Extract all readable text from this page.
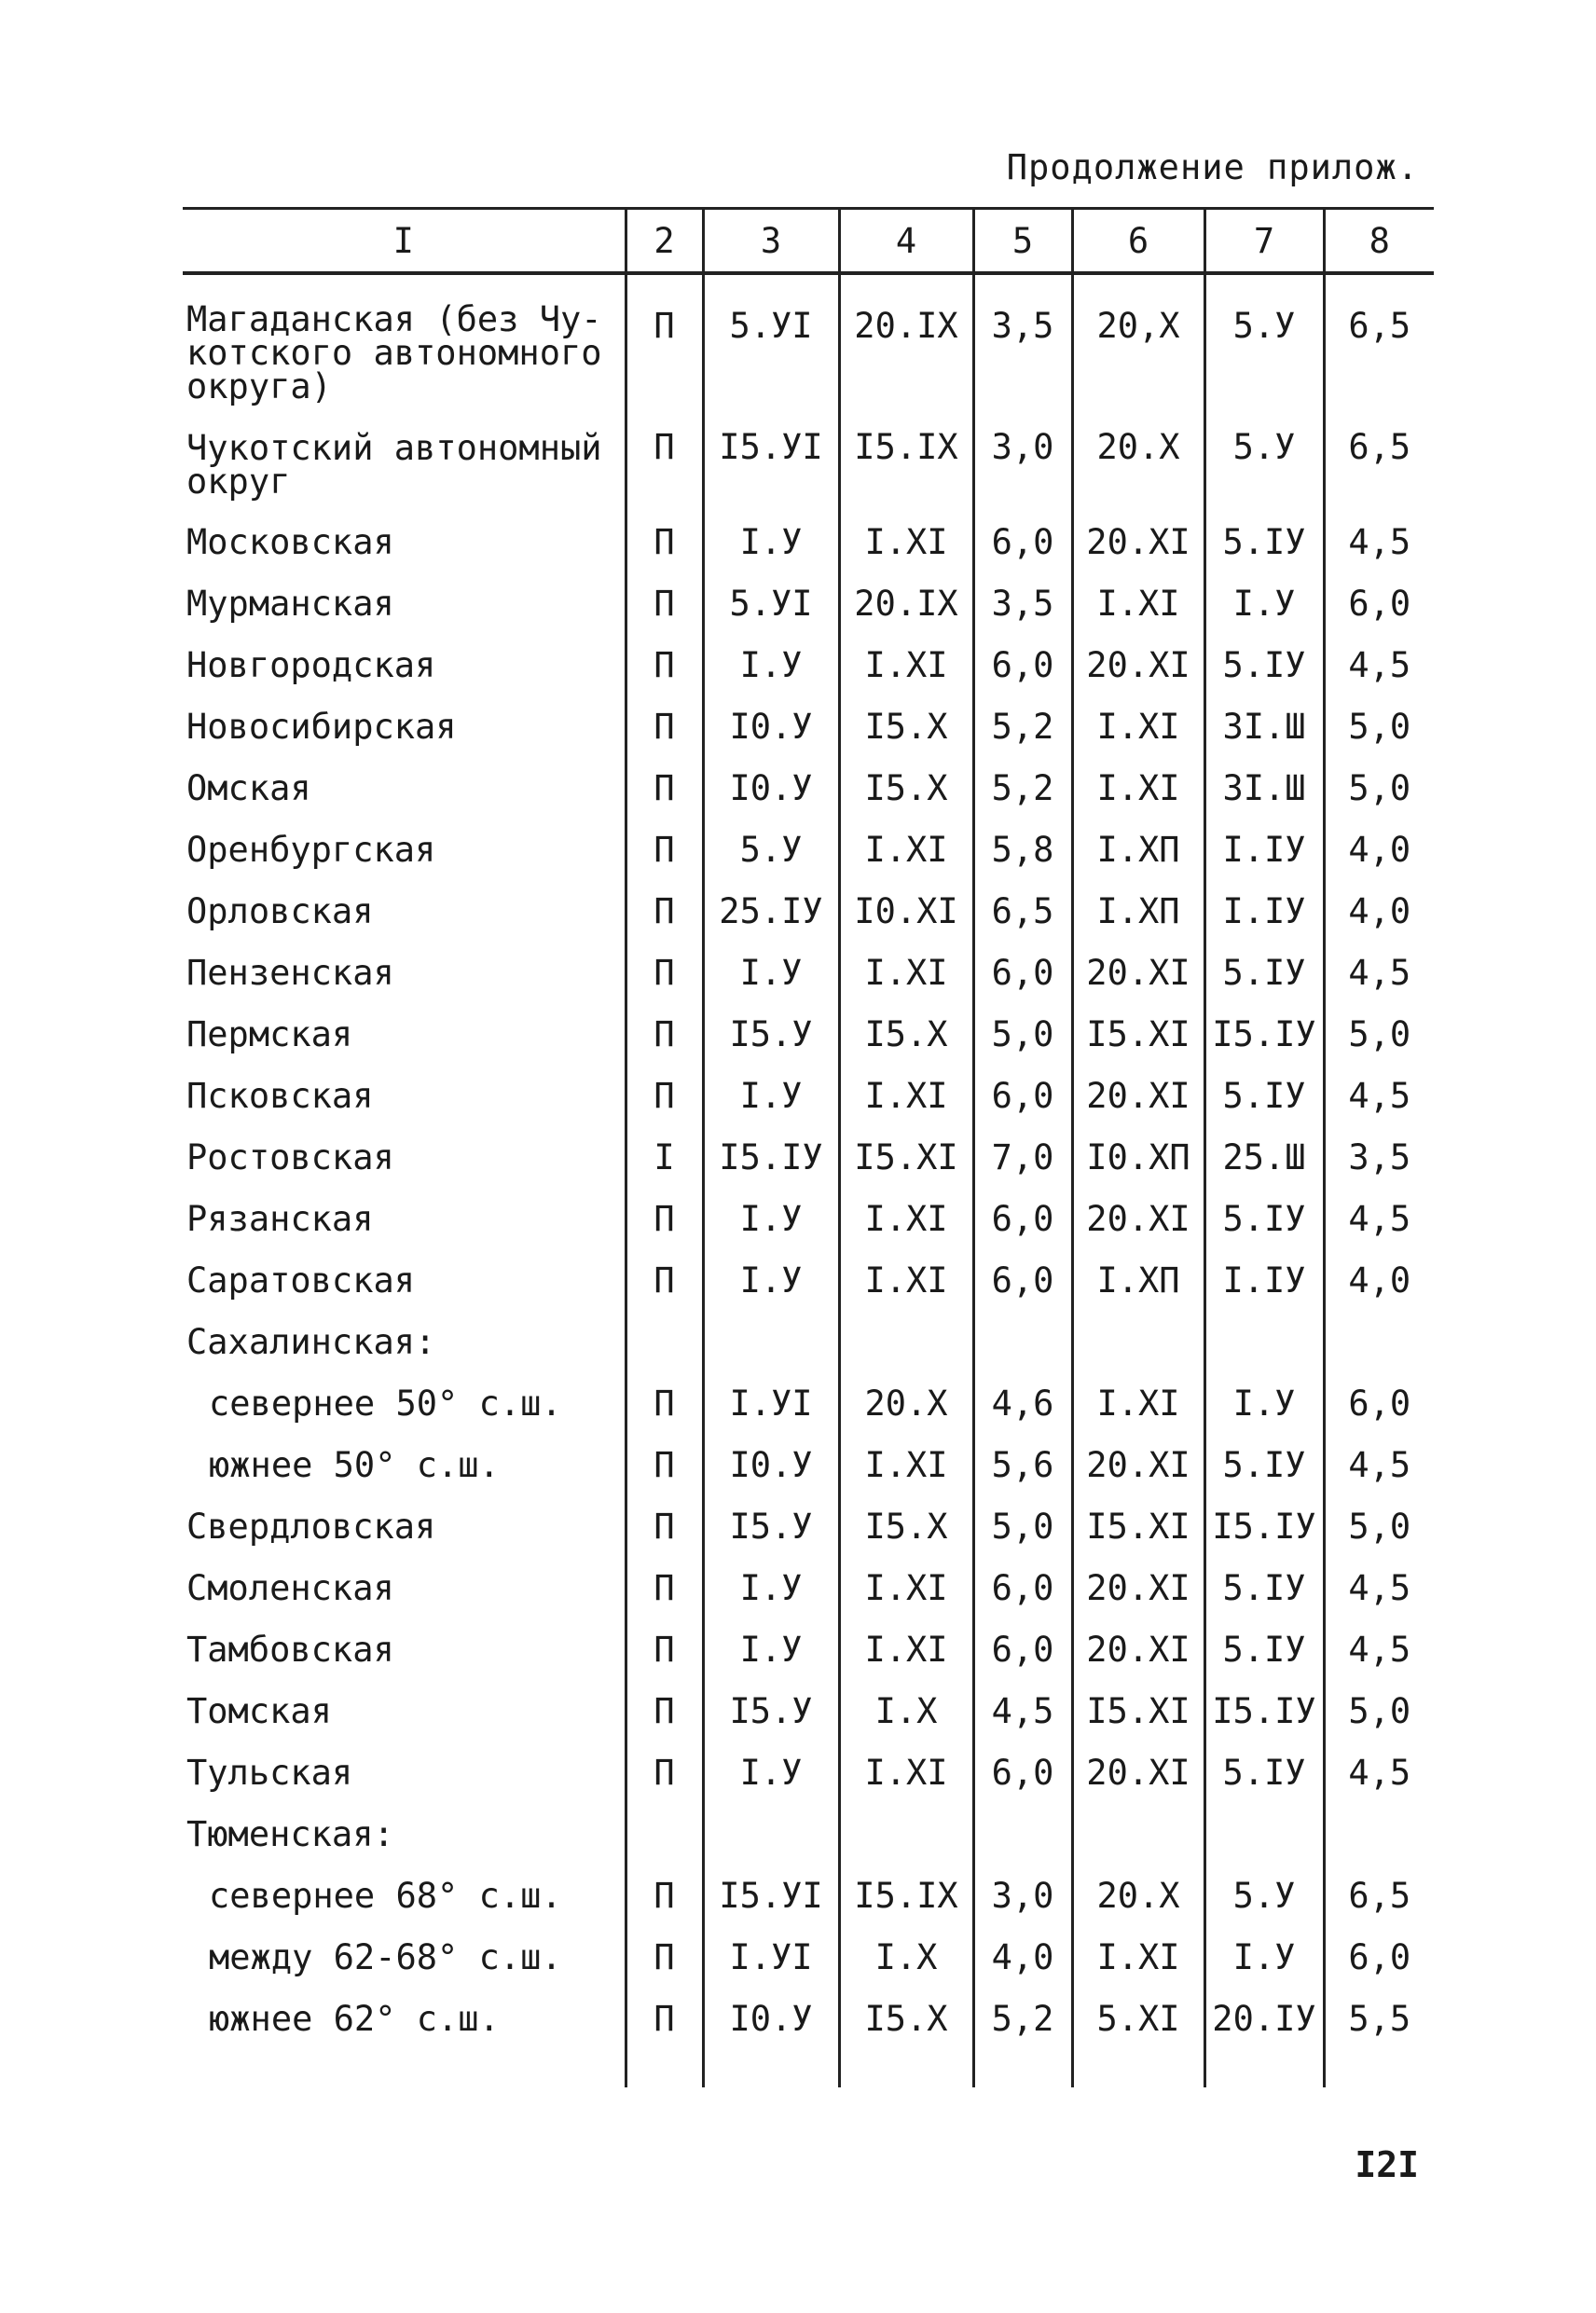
Продолжение прилож.
I	2	3	4	5	6	7	8

Магаданская (без Чу-
котского автономного
округа)	П	5.УI	20.IX	3,5	20,X	5.У	6,5

Чукотский автономный
округ	П	I5.УI	I5.IX	3,0	20.X	5.У	6,5
Московская	П	I.У	I.XI	6,0	20.XI	5.IУ	4,5
Мурманская	П	5.УI	20.IX	3,5	I.XI	I.У	6,0
Новгородская	П	I.У	I.XI	6,0	20.XI	5.IУ	4,5
Новосибирская	П	I0.У	I5.X	5,2	I.XI	3I.Ш	5,0
Омская	П	I0.У	I5.X	5,2	I.XI	3I.Ш	5,0
Оренбургская	П	5.У	I.XI	5,8	I.XП	I.IУ	4,0
Орловская	П	25.IУ	I0.XI	6,5	I.XП	I.IУ	4,0
Пензенская	П	I.У	I.XI	6,0	20.XI	5.IУ	4,5
Пермская	П	I5.У	I5.X	5,0	I5.XI	I5.IУ	5,0
Псковская	П	I.У	I.XI	6,0	20.XI	5.IУ	4,5
Ростовская	I	I5.IУ	I5.XI	7,0	I0.XП	25.Ш	3,5
Рязанская	П	I.У	I.XI	6,0	20.XI	5.IУ	4,5
Саратовская	П	I.У	I.XI	6,0	I.XП	I.IУ	4,0
Сахалинская:							
севернее 50° с.ш.	П	I.УI	20.X	4,6	I.XI	I.У	6,0
южнее 50° с.ш.	П	I0.У	I.XI	5,6	20.XI	5.IУ	4,5
Свердловская	П	I5.У	I5.X	5,0	I5.XI	I5.IУ	5,0
Смоленская	П	I.У	I.XI	6,0	20.XI	5.IУ	4,5
Тамбовская	П	I.У	I.XI	6,0	20.XI	5.IУ	4,5
Томская	П	I5.У	I.X	4,5	I5.XI	I5.IУ	5,0
Тульская	П	I.У	I.XI	6,0	20.XI	5.IУ	4,5
Тюменская:							
севернее 68° с.ш.	П	I5.УI	I5.IX	3,0	20.X	5.У	6,5
между 62-68° с.ш.	П	I.УI	I.X	4,0	I.XI	I.У	6,0
южнее 62° с.ш.	П	I0.У	I5.X	5,2	5.XI	20.IУ	5,5

I2I
